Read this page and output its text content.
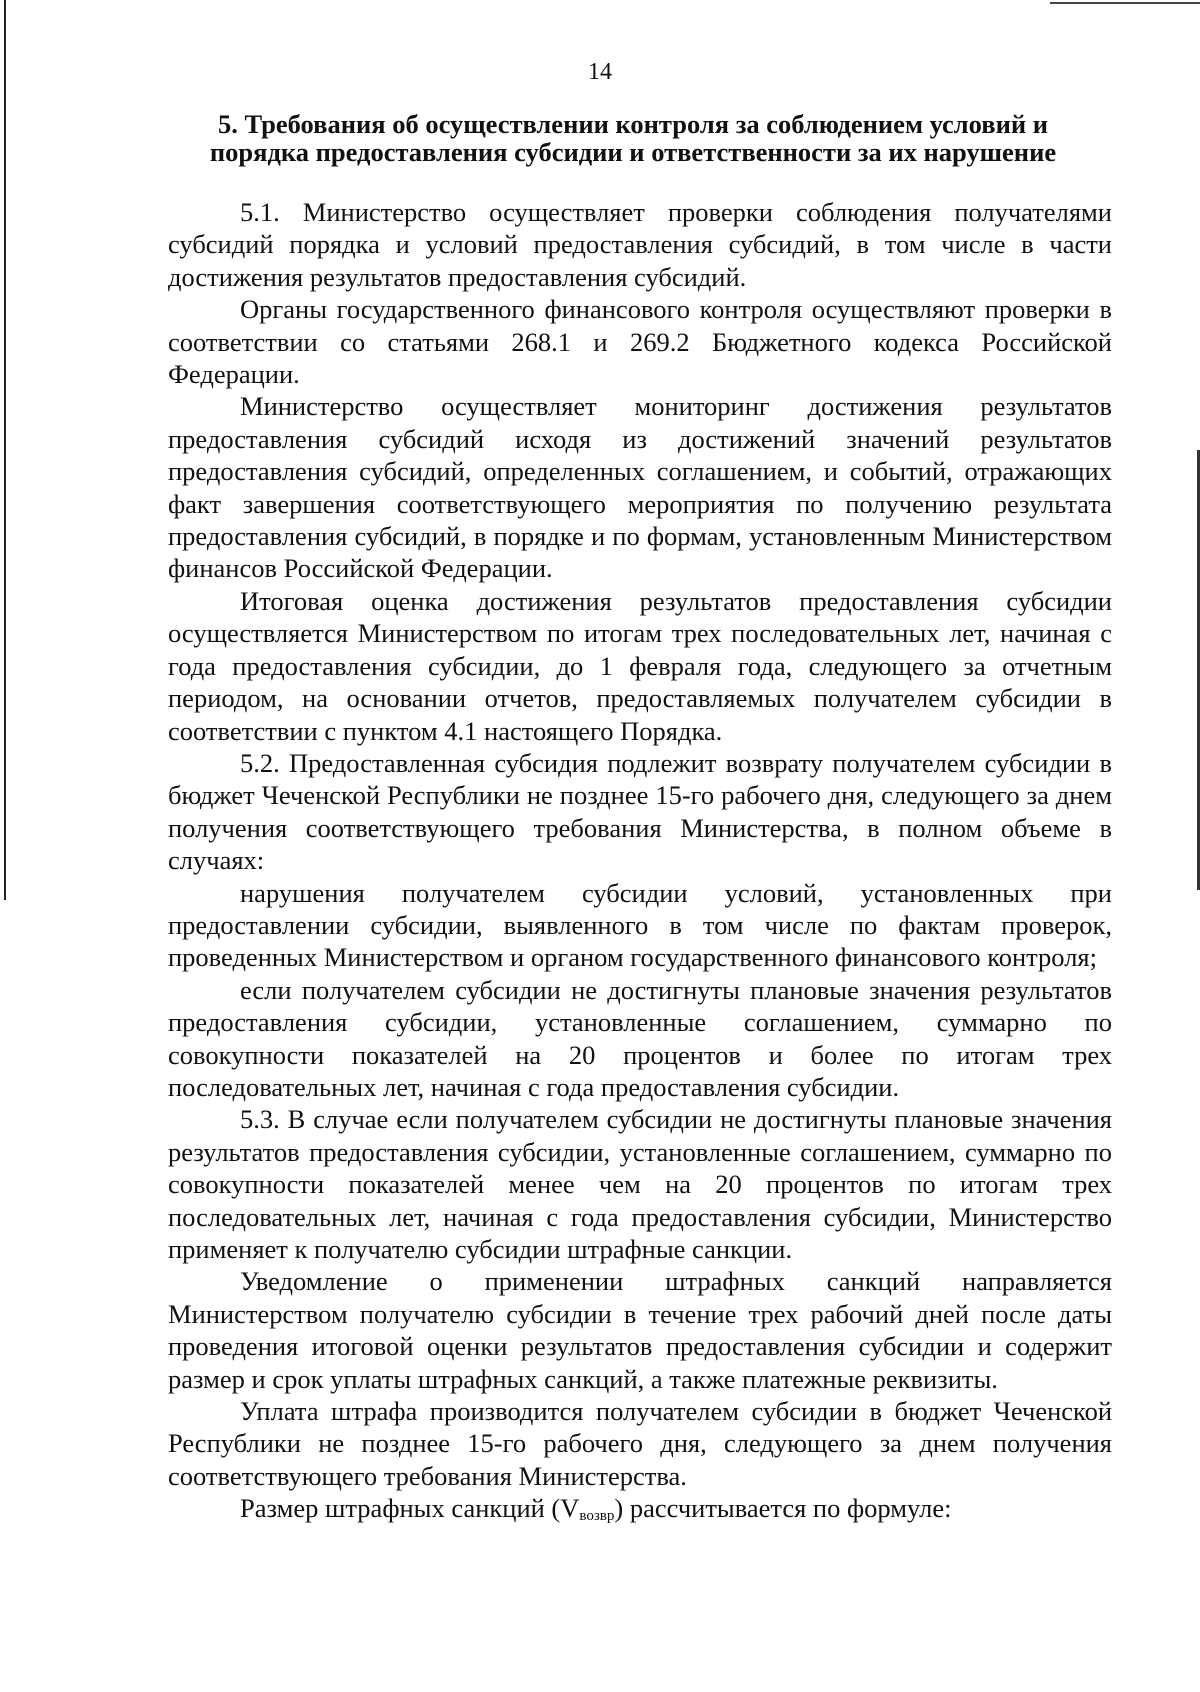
14
5. Требования об осуществлении контроля за соблюдением условий и
порядка предоставления субсидии и ответственности за их нарушение

5.1. Министерство осуществляет проверки соблюдения получателями субсидий порядка и условий предоставления субсидий, в том числе в части достижения результатов предоставления субсидий.

Органы государственного финансового контроля осуществляют проверки в соответствии со статьями 268.1 и 269.2 Бюджетного кодекса Российской Федерации.

Министерство осуществляет мониторинг достижения результатов предоставления субсидий исходя из достижений значений результатов предоставления субсидий, определенных соглашением, и событий, отражающих факт завершения соответствующего мероприятия по получению результата предоставления субсидий, в порядке и по формам, установленным Министерством финансов Российской Федерации.

Итоговая оценка достижения результатов предоставления субсидии осуществляется Министерством по итогам трех последовательных лет, начиная с года предоставления субсидии, до 1 февраля года, следующего за отчетным периодом, на основании отчетов, предоставляемых получателем субсидии в соответствии с пунктом 4.1 настоящего Порядка.

5.2. Предоставленная субсидия подлежит возврату получателем субсидии в бюджет Чеченской Республики не позднее 15-го рабочего дня, следующего за днем получения соответствующего требования Министерства, в полном объеме в случаях:

нарушения получателем субсидии условий, установленных при предоставлении субсидии, выявленного в том числе по фактам проверок, проведенных Министерством и органом государственного финансового контроля;

если получателем субсидии не достигнуты плановые значения результатов предоставления субсидии, установленные соглашением, суммарно по совокупности показателей на 20 процентов и более по итогам трех последовательных лет, начиная с года предоставления субсидии.

5.3. В случае если получателем субсидии не достигнуты плановые значения результатов предоставления субсидии, установленные соглашением, суммарно по совокупности показателей менее чем на 20 процентов по итогам трех последовательных лет, начиная с года предоставления субсидии, Министерство применяет к получателю субсидии штрафные санкции.

Уведомление о применении штрафных санкций направляется Министерством получателю субсидии в течение трех рабочий дней после даты проведения итоговой оценки результатов предоставления субсидии и содержит размер и срок уплаты штрафных санкций, а также платежные реквизиты.

Уплата штрафа производится получателем субсидии в бюджет Чеченской Республики не позднее 15-го рабочего дня, следующего за днем получения соответствующего требования Министерства.

Размер штрафных санкций $(V_{возвр})$ рассчитывается по формуле:
